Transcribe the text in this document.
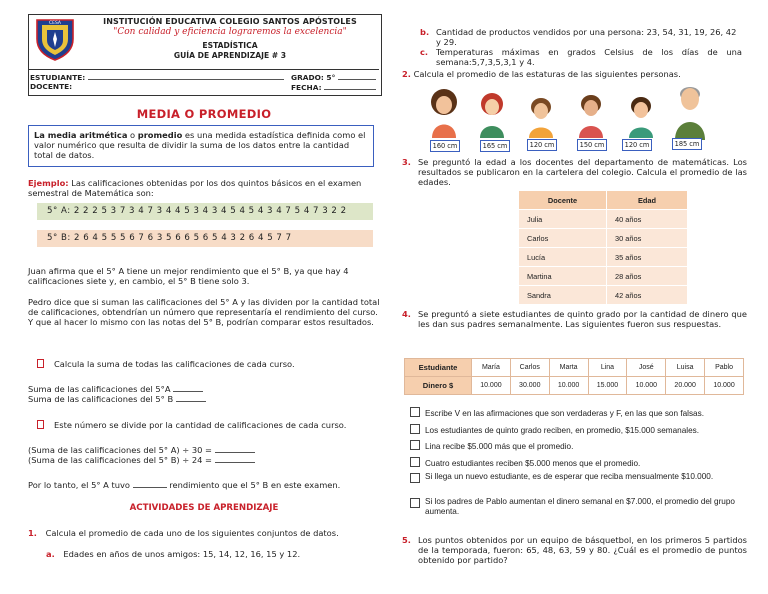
CESA	INSTITUCIÓN EDUCATIVA COLEGIO SANTOS APÓSTOLES
"Con calidad y eficiencia lograremos la excelencia"
ESTADÍSTICA
GUÍA DE APRENDIZAJE # 3
ESTUDIANTE:	GRADO: 5°
DOCENTE:	FECHA:
MEDIA O PROMEDIO
La media aritmética o promedio es una medida estadística definida como el valor numérico que resulta de dividir la suma de los datos entre la cantidad total de datos.
Ejemplo: Las calificaciones obtenidas por los dos quintos básicos en el examen semestral de Matemática son:
5° A: 2 2 2 5 3 7 3 4 7 3 4 4 5 3 4 3 4 5 4 5 4 3 4 7 5 4 7 3 2 2
5° B: 2 6 4 5 5 5 6 7 6 3 5 6 6 5 6 5 4 3 2 6 4 5 7 7
Juan afirma que el 5° A tiene un mejor rendimiento que el 5° B, ya que hay 4 calificaciones siete y, en cambio, el 5° B tiene solo 3.
Pedro dice que si suman las calificaciones del 5° A y las dividen por la cantidad total de calificaciones, obtendrían un número que representaría el rendimiento del curso. Y que al hacer lo mismo con las notas del 5° B, podrían comparar estos resultados.
Calcula la suma de todas las calificaciones de cada curso.
Suma de las calificaciones del 5°A
Suma de las calificaciones del 5° B
Este número se divide por la cantidad de calificaciones de cada curso.
(Suma de las calificaciones del 5° A) ÷ 30 =
(Suma de las calificaciones del 5° B) ÷ 24 =
Por lo tanto, el 5° A tuvo	rendimiento que el 5° B en este examen.
ACTIVIDADES DE APRENDIZAJE
1. Calcula el promedio de cada uno de los siguientes conjuntos de datos.
a. Edades en años de unos amigos: 15, 14, 12, 16, 15 y 12.
b. Cantidad de productos vendidos por una persona: 23, 54, 31, 19, 26, 42 y 29.
c. Temperaturas máximas en grados Celsius de los días de una semana:5,7,3,5,3,1 y 4.
2. Calcula el promedio de las estaturas de las siguientes personas.
160 cm	165 cm	120 cm	150 cm	120 cm	185 cm
3. Se preguntó la edad a los docentes del departamento de matemáticas. Los resultados se publicaron en la cartelera del colegio. Calcula el promedio de las edades.
Docente	Edad
Julia	40 años
Carlos	30 años
Lucía	35 años
Martina	28 años
Sandra	42 años
4. Se preguntó a siete estudiantes de quinto grado por la cantidad de dinero que les dan sus padres semanalmente. Las siguientes fueron sus respuestas.
Estudiante	María	Carlos	Marta	Lina	José	Luisa	Pablo
Dinero $	10.000	30.000	10.000	15.000	10.000	20.000	10.000
Escribe V en las afirmaciones que son verdaderas y F, en las que son falsas.
Los estudiantes de quinto grado reciben, en promedio, $15.000 semanales.
Lina recibe $5.000 más que el promedio.
Cuatro estudiantes reciben $5.000 menos que el promedio.
Si llega un nuevo estudiante, es de esperar que reciba mensualmente $10.000.
Si los padres de Pablo aumentan el dinero semanal en $7.000, el promedio del grupo aumenta.
5. Los puntos obtenidos por un equipo de básquetbol, en los primeros 5 partidos de la temporada, fueron: 65, 48, 63, 59 y 80. ¿Cuál es el promedio de puntos obtenido por partido?
